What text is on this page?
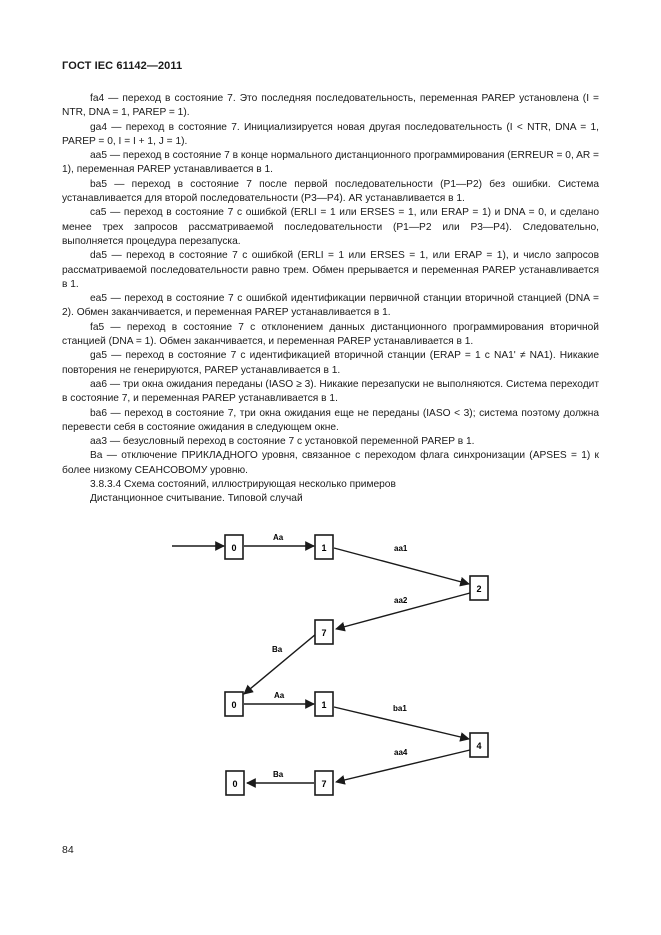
ГОСТ IEC 61142—2011

fa4 — переход в состояние 7. Это последняя последовательность, переменная PAREP установлена (I = NTR, DNA = 1, PAREP = 1).

ga4 — переход в состояние 7. Инициализируется новая другая последовательность (I < NTR, DNA = 1, PAREP = 0, I = I + 1, J = 1).

aa5 — переход в состояние 7 в конце нормального дистанционного программирования (ERREUR = 0, AR = 1), переменная PAREP устанавливается в 1.

ba5 — переход в состояние 7 после первой последовательности (P1—P2) без ошибки. Система устанавливается для второй последовательности (P3—P4). AR устанавливается в 1.

ca5 — переход в состояние 7 с ошибкой (ERLI = 1 или ERSES = 1, или ERAP = 1) и DNA = 0, и сделано менее трех запросов рассматриваемой последовательности (P1—P2 или P3—P4). Следовательно, выполняется процедура перезапуска.

da5 — переход в состояние 7 с ошибкой (ERLI = 1 или ERSES = 1, или ERAP = 1), и число запросов рассматриваемой последовательности равно трем. Обмен прерывается и переменная PAREP устанавливается в 1.

ea5 — переход в состояние 7 с ошибкой идентификации первичной станции вторичной станцией (DNA = 2). Обмен заканчивается, и переменная PAREP устанавливается в 1.

fa5 — переход в состояние 7 с отклонением данных дистанционного программирования вторичной станцией (DNA = 1). Обмен заканчивается, и переменная PAREP устанавливается в 1.

ga5 — переход в состояние 7 с идентификацией вторичной станции (ERAP = 1 с NA1' ≠ NA1). Никакие повторения не генерируются, PAREP устанавливается в 1.

aa6 — три окна ожидания переданы (IASO ≥ 3). Никакие перезапуски не выполняются. Система переходит в состояние 7, и переменная PAREP устанавливается в 1.

ba6 — переход в состояние 7, три окна ожидания еще не переданы (IASO < 3); система поэтому должна перевести себя в состояние ожидания в следующем окне.

aa3 — безусловный переход в состояние 7 с установкой переменной PAREP в 1.

Ba — отключение ПРИКЛАДНОГО уровня, связанное с переходом флага синхронизации (APSES = 1) к более низкому СЕАНСОВОМУ уровню.

3.8.3.4 Схема состояний, иллюстрирующая несколько примеров

Дистанционное считывание. Типовой случай

Aa
aa1
aa2
Ba
Aa
ba1
aa4
Ba
0	1
2
7
0	1
4
7
0
84
